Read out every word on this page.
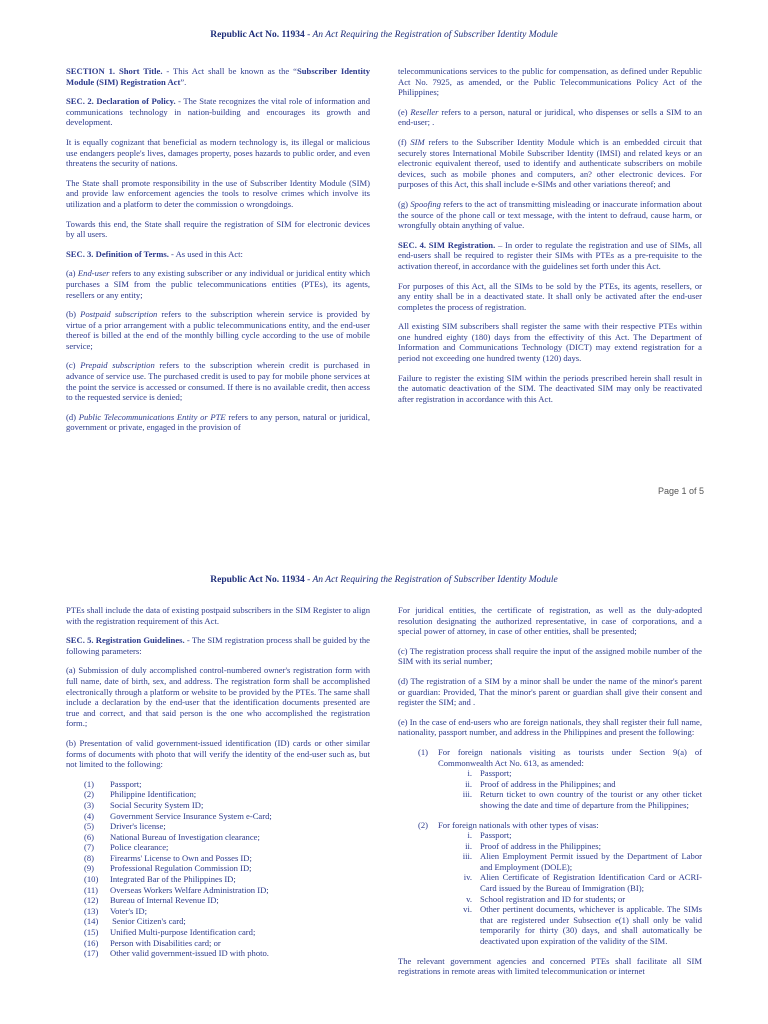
Republic Act No. 11934 - An Act Requiring the Registration of Subscriber Identity Module

SECTION 1. Short Title. - This Act shall be known as the “Subscriber Identity Module (SIM) Registration Act”.

SEC. 2. Declaration of Policy. - The State recognizes the vital role of information and communications technology in nation-building and encourages its growth and development.

It is equally cognizant that beneficial as modern technology is, its illegal or malicious use endangers people's lives, damages property, poses hazards to public order, and even threatens the security of nations.

The State shall promote responsibility in the use of Subscriber Identity Module (SIM) and provide law enforcement agencies the tools to resolve crimes which involve its utilization and a platform to deter the commission o wrongdoings.

Towards this end, the State shall require the registration of SIM for electronic devices by all users.

SEC. 3. Definition of Terms. - As used in this Act:

(a) End-user refers to any existing subscriber or any individual or juridical entity which purchases a SIM from the public telecommunications entities (PTEs), its agents, resellers or any entity;

(b) Postpaid subscription refers to the subscription wherein service is provided by virtue of a prior arrangement with a public telecommunications entity, and the end-user thereof is billed at the end of the monthly billing cycle according to the use of mobile service;

(c) Prepaid subscription refers to the subscription wherein credit is purchased in advance of service use. The purchased credit is used to pay for mobile phone services at the point the service is accessed or consumed. If there is no available credit, then access to the requested service is denied;

(d) Public Telecommunications Entity or PTE refers to any person, natural or juridical, government or private, engaged in the provision of

telecommunications services to the public for compensation, as defined under Republic Act No. 7925, as amended, or the Public Telecommunications Policy Act of the Philippines;

(e) Reseller refers to a person, natural or juridical, who dispenses or sells a SIM to an end-user; .

(f) SIM refers to the Subscriber Identity Module which is an embedded circuit that securely stores International Mobile Subscriber Identity (IMSI) and related keys or an electronic equivalent thereof, used to identify and authenticate subscribers on mobile devices, such as mobile phones and computers, an? other electronic devices. For purposes of this Act, this shall include e-SIMs and other variations thereof; and

(g) Spoofing refers to the act of transmitting misleading or inaccurate information about the source of the phone call or text message, with the intent to defraud, cause harm, or wrongfully obtain anything of value.

SEC. 4. SIM Registration. – In order to regulate the registration and use of SIMs, all end-users shall be required to register their SIMs with PTEs as a pre-requisite to the activation thereof, in accordance with the guidelines set forth under this Act.

For purposes of this Act, all the SIMs to be sold by the PTEs, its agents, resellers, or any entity shall be in a deactivated state. It shall only be activated after the end-user completes the process of registration.

All existing SIM subscribers shall register the same with their respective PTEs within one hundred eighty (180) days from the effectivity of this Act. The Department of Information and Communications Technology (DICT) may extend registration for a period not exceeding one hundred twenty (120) days.

Failure to register the existing SIM within the periods prescribed herein shall result in the automatic deactivation of the SIM. The deactivated SIM may only be reactivated after registration in accordance with this Act.

Page 1 of 5
Republic Act No. 11934 - An Act Requiring the Registration of Subscriber Identity Module

PTEs shall include the data of existing postpaid subscribers in the SIM Register to align with the registration requirement of this Act.

SEC. 5. Registration Guidelines. - The SIM registration process shall be guided by the following parameters:

(a) Submission of duly accomplished control-numbered owner's registration form with full name, date of birth, sex, and address. The registration form shall be accomplished electronically through a platform or website to be provided by the PTEs. The same shall include a declaration by the end-user that the identification documents presented are true and correct, and that said person is the one who accomplished the registration form.;

(b) Presentation of valid government-issued identification (ID) cards or other similar forms of documents with photo that will verify the identity of the end-user such as, but not limited to the following:

(1) Passport;
(2) Philippine Identification;
(3) Social Security System ID;
(4) Government Service Insurance System e-Card;
(5) Driver's license;
(6) National Bureau of Investigation clearance;
(7) Police clearance;
(8) Firearms' License to Own and Posses ID;
(9) Professional Regulation Commission ID;
(10) Integrated Bar of the Philippines ID;
(11) Overseas Workers Welfare Administration ID;
(12) Bureau of Internal Revenue ID;
(13) Voter's ID;
(14) Senior Citizen's card;
(15) Unified Multi-purpose Identification card;
(16) Person with Disabilities card; or
(17) Other valid government-issued ID with photo.

For juridical entities, the certificate of registration, as well as the duly-adopted resolution designating the authorized representative, in case of corporations, and a special power of attorney, in case of other entities, shall be presented;

(c) The registration process shall require the input of the assigned mobile number of the SIM with its serial number;

(d) The registration of a SIM by a minor shall be under the name of the minor's parent or guardian: Provided, That the minor's parent or guardian shall give their consent and register the SIM; and .

(e) In the case of end-users who are foreign nationals, they shall register their full name, nationality, passport number, and address in the Philippines and present the following:

(1)	For foreign nationals visiting as tourists under Section 9(a) of Commonwealth Act No. 613, as amended:
i. Passport;
ii. Proof of address in the Philippines; and
iii. Return ticket to own country of the tourist or any other ticket showing the date and time of departure from the Philippines;
(2)	For foreign nationals with other types of visas:
i. Passport;
ii. Proof of address in the Philippines;
iii. Alien Employment Permit issued by the Department of Labor and Employment (DOLE);
iv. Alien Certificate of Registration Identification Card or ACRI-Card issued by the Bureau of Immigration (BI);
v. School registration and ID for students; or
vi. Other pertinent documents, whichever is applicable. The SIMs that are registered under Subsection e(1) shall only be valid temporarily for thirty (30) days, and shall automatically be deactivated upon expiration of the validity of the SIM.

The relevant government agencies and concerned PTEs shall facilitate all SIM registrations in remote areas with limited telecommunication or internet
